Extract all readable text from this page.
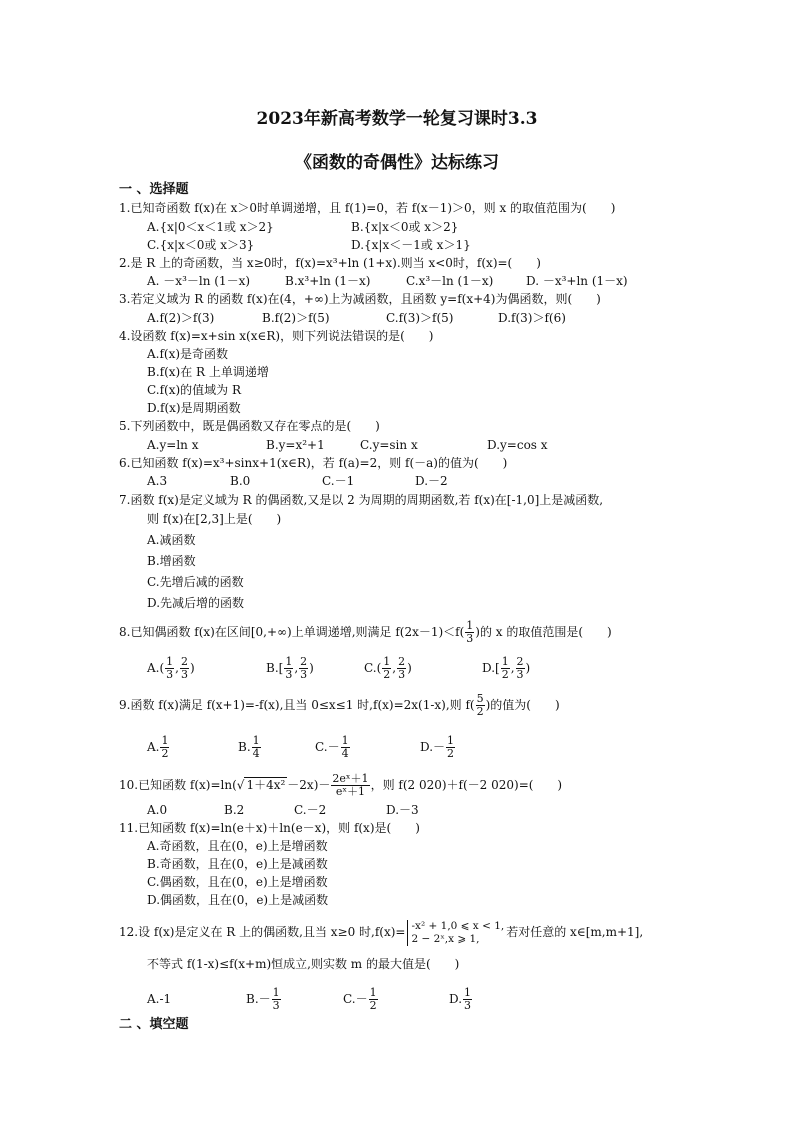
2023年新高考数学一轮复习课时3.3
《函数的奇偶性》达标练习
一 、选择题
1.已知奇函数 f(x)在 x＞0时单调递增，且 f(1)=0，若 f(x－1)＞0，则 x 的取值范围为(　　)
A.{x|0＜x＜1或 x＞2}	B.{x|x＜0或 x＞2}
C.{x|x＜0或 x＞3}	D.{x|x＜－1或 x＞1}
2.是 R 上的奇函数，当 x≥0时，f(x)=x³+ln (1+x).则当 x<0时，f(x)=(　　)
A. －x³－ln (1－x)	B.x³+ln (1－x)	C.x³－ln (1－x)	D. －x³+ln (1－x)
3.若定义域为 R 的函数 f(x)在(4，+∞)上为减函数，且函数 y=f(x+4)为偶函数，则(　　)
A.f(2)＞f(3)	B.f(2)＞f(5)	C.f(3)＞f(5)	D.f(3)＞f(6)
4.设函数 f(x)=x+sin x(x∈R)，则下列说法错误的是(　　)
A.f(x)是奇函数
B.f(x)在 R 上单调递增
C.f(x)的值域为 R
D.f(x)是周期函数
5.下列函数中，既是偶函数又存在零点的是(　　)
A.y=ln x	B.y=x²+1	C.y=sin x	D.y=cos x
6.已知函数 f(x)=x³+sinx+1(x∈R)，若 f(a)=2，则 f(－a)的值为(　　)
A.3	B.0	C.－1	D.－2
7.函数 f(x)是定义域为 R 的偶函数,又是以 2 为周期的周期函数,若 f(x)在[-1,0]上是减函数,
则 f(x)在[2,3]上是(　　)
A.减函数
B.增函数
C.先增后减的函数
D.先减后增的函数
8.已知偶函数 f(x)在区间[0,+∞)上单调递增,则满足 $f(2x-1)<f( \frac{1}{3}$ )的 x 的取值范围是(　　)
$A.( \frac{1}{3}$ , $\frac{2}{3}$ )	$B.[ \frac{1}{3}$ , $\frac{2}{3}$ )	$C.( \frac{1}{2}$ , $\frac{2}{3}$ )	$D.[ \frac{1}{2}$ , $\frac{2}{3}$ )
9.函数 f(x)满足 f(x+1)=-f(x),且当 0≤x≤1 时,f(x)=2x(1-x),则 $f( \frac{5}{2}$ )的值为(　　)
A. $\frac{1}{2}$	B. $\frac{1}{4}$	$C.- \frac{1}{4}$	$D.- \frac{1}{2}$
10.已知函数 f(x)=ln(√ $1+4x^2 -2x)- \frac{\text{2eˣ＋1}}{\text{eˣ＋1}}$ ，则 f(2 020)＋f(－2 020)=(　　)
A.0	B.2	C.－2	D.－3
11.已知函数 f(x)=ln(e＋x)＋ln(e－x)，则 f(x)是(　　)
A.奇函数，且在(0，e)上是增函数
B.奇函数，且在(0，e)上是减函数
C.偶函数，且在(0，e)上是增函数
D.偶函数，且在(0，e)上是减函数
12.设 f(x)是定义在 R 上的偶函数,且当 x≥0 时,f(x)= -x² + 1,0 ⩽ x < 1,
2 − 2ˣ,x ⩾ 1,	若对任意的 x∈[m,m+1],
不等式 f(1-x)≤f(x+m)恒成立,则实数 m 的最大值是(　　)
A.-1	$B.- \frac{1}{3}$	$C.- \frac{1}{2}$	D. $\frac{1}{3}$
二 、填空题
